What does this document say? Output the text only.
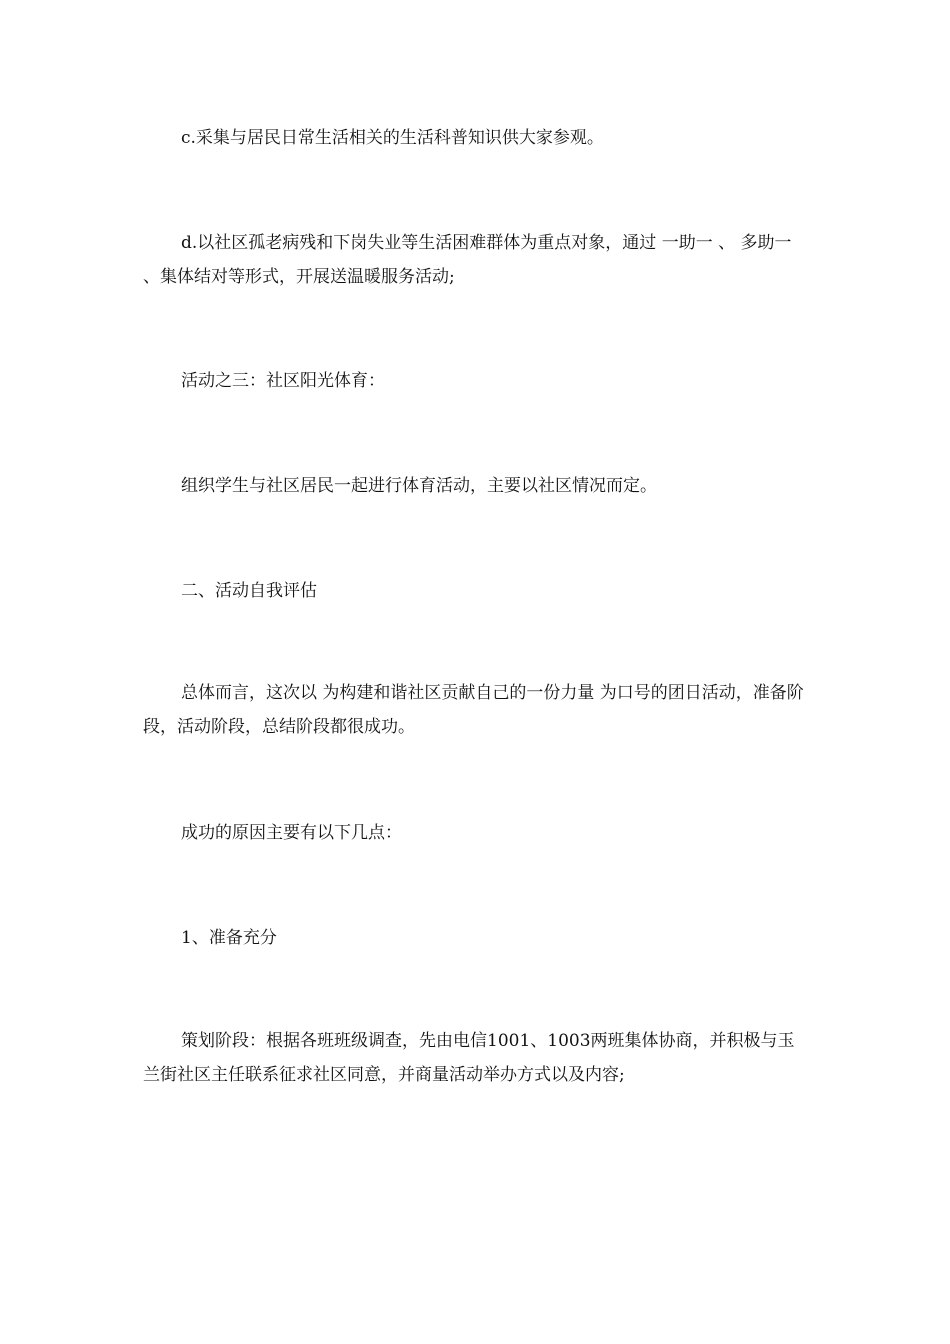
c.采集与居民日常生活相关的生活科普知识供大家参观。
d.以社区孤老病残和下岗失业等生活困难群体为重点对象，通过 一助一 、 多助一 、集体结对等形式，开展送温暖服务活动;
活动之三：社区阳光体育：
组织学生与社区居民一起进行体育活动，主要以社区情况而定。
二、活动自我评估
总体而言，这次以 为构建和谐社区贡献自己的一份力量 为口号的团日活动，准备阶段，活动阶段，总结阶段都很成功。
成功的原因主要有以下几点：
1、准备充分
策划阶段：根据各班班级调查，先由电信1001、1003两班集体协商，并积极与玉兰街社区主任联系征求社区同意，并商量活动举办方式以及内容;
